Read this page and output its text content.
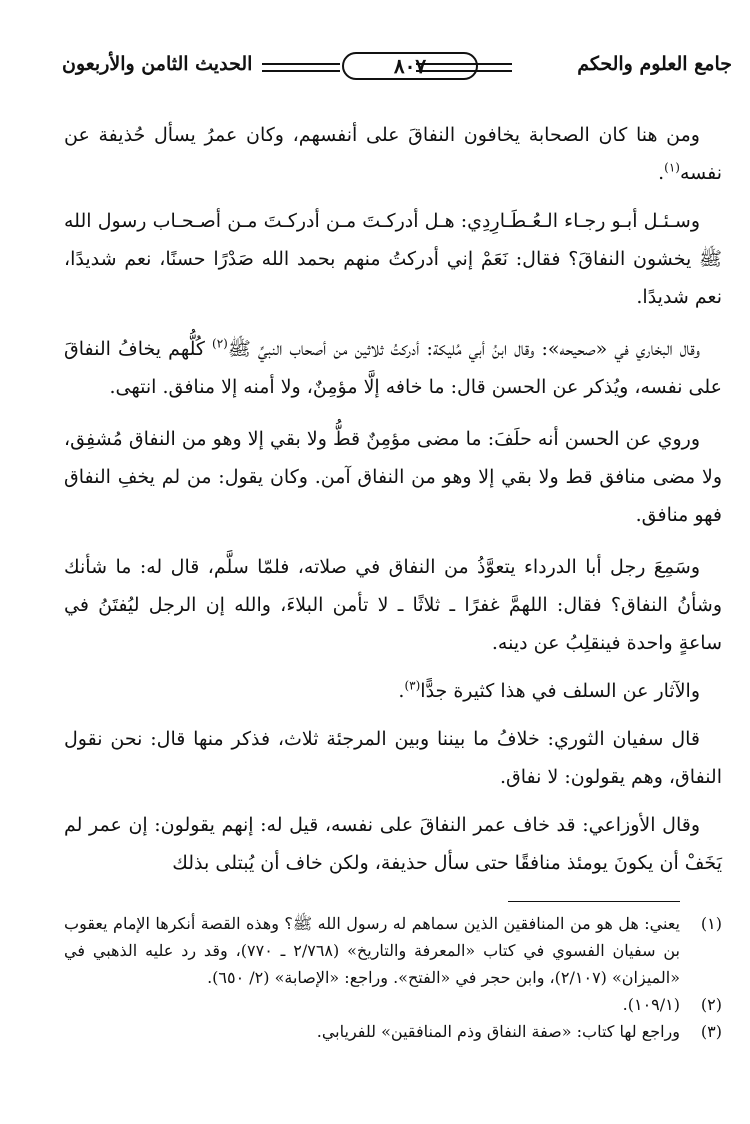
جامع العلوم والحكم
٨٠٧
الحديث الثامن والأربعون

ومن هنا كان الصحابة يخافون النفاقَ على أنفسهم، وكان عمرُ يسأل حُذيفة عن نفسه$^{(١)}$.

وسـئـل أبـو رجـاء الـعُـطَـارِدِي: هـل أدركـتَ مـن أدركـتَ مـن أصـحـاب رسول الله ﷺ يخشون النفاقَ؟ فقال: نَعَمْ إني أدركتُ منهم بحمد الله صَدْرًا حسنًا، نعم شديدًا، نعم شديدًا.

وقال البخاري في «صحيحه»: وقال ابنُ أبي مُليكة: أدركتُ ثلاثين من أصحاب النبيِّ ﷺ$^{(٢)}$ كُلُّهم يخافُ النفاقَ على نفسه، ويُذكر عن الحسن قال: ما خافه إلَّا مؤمِنٌ، ولا أمنه إلا منافق. انتهى.

وروي عن الحسن أنه حلَفَ: ما مضى مؤمِنٌ قطُّ ولا بقي إلا وهو من النفاق مُشفِق، ولا مضى منافق قط ولا بقي إلا وهو من النفاق آمن. وكان يقول: من لم يخفِ النفاق فهو منافق.

وسَمِعَ رجل أبا الدرداء يتعوَّذُ من النفاق في صلاته، فلمّا سلَّم، قال له: ما شأنك وشأنُ النفاق؟ فقال: اللهمَّ غفرًا ـ ثلاثًا ـ لا تأمن البلاءَ، والله إن الرجل ليُفتَنُ في ساعةٍ واحدة فينقلِبُ عن دينه.

والآثار عن السلف في هذا كثيرة جدًّا$^{(٣)}$.

قال سفيان الثوري: خلافُ ما بيننا وبين المرجئة ثلاث، فذكر منها قال: نحن نقول النفاق، وهم يقولون: لا نفاق.

وقال الأوزاعي: قد خاف عمر النفاقَ على نفسه، قيل له: إنهم يقولون: إن عمر لم يَخَفْ أن يكونَ يومئذ منافقًا حتى سأل حذيفة، ولكن خاف أن يُبتلى بذلك

(١)
يعني: هل هو من المنافقين الذين سماهم له رسول الله ﷺ؟ وهذه القصة أنكرها الإمام يعقوب بن سفيان الفسوي في كتاب «المعرفة والتاريخ» (٢/٧٦٨ ـ ٧٧٠)، وقد رد عليه الذهبي في «الميزان» (٢/١٠٧)، وابن حجر في «الفتح». وراجع: «الإصابة» (٢/ ٦٥٠).
(٢)
(١٠٩/١).
(٣)
وراجع لها كتاب: «صفة النفاق وذم المنافقين» للفريابي.
